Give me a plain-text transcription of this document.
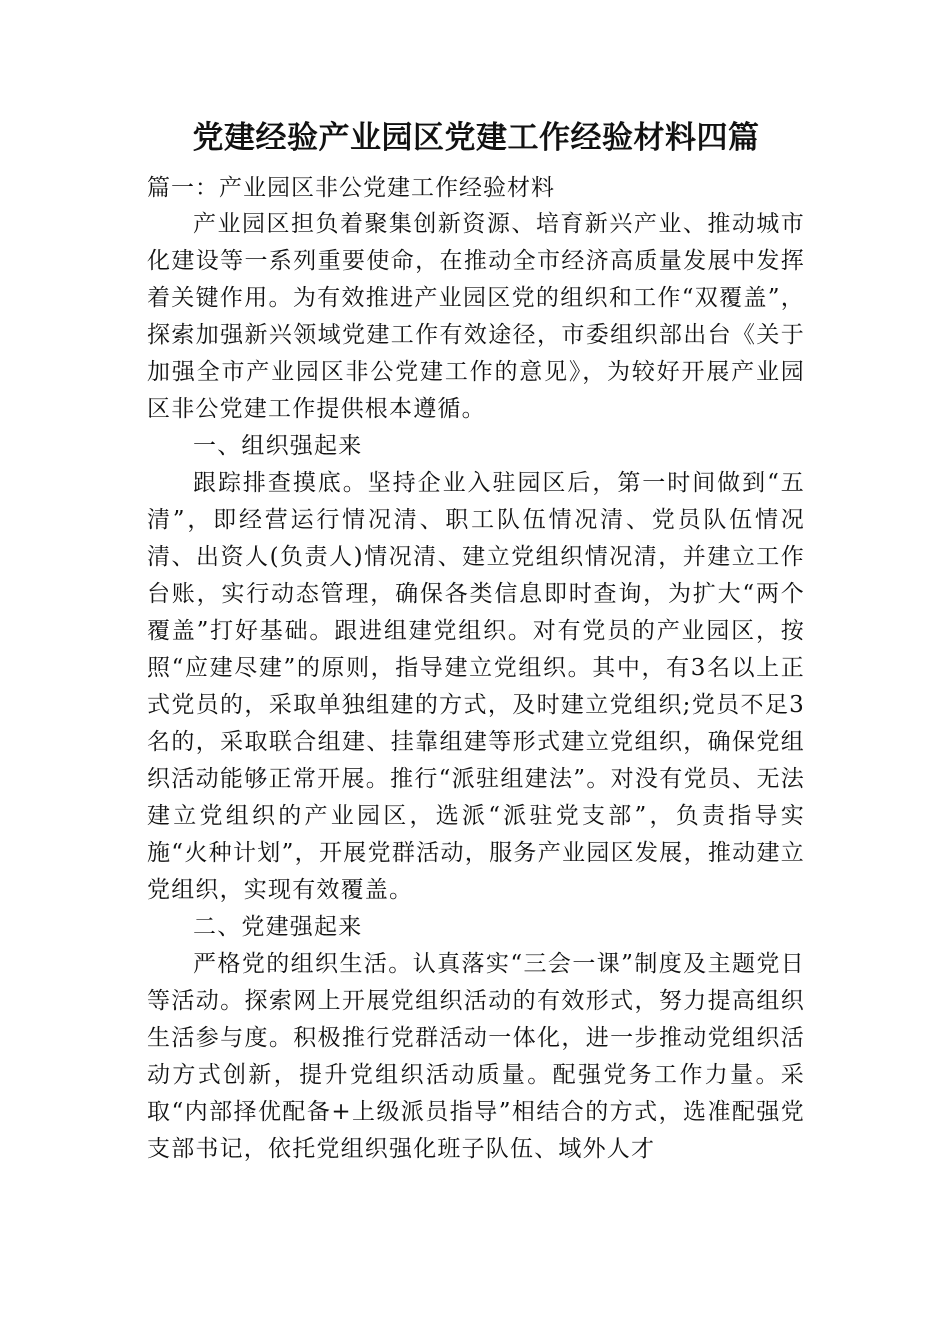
党建经验产业园区党建工作经验材料四篇

篇一：产业园区非公党建工作经验材料

产业园区担负着聚集创新资源、培育新兴产业、推动城市化建设等一系列重要使命，在推动全市经济高质量发展中发挥着关键作用。为有效推进产业园区党的组织和工作“双覆盖”，探索加强新兴领域党建工作有效途径，市委组织部出台《关于加强全市产业园区非公党建工作的意见》，为较好开展产业园区非公党建工作提供根本遵循。

一、组织强起来

跟踪排查摸底。坚持企业入驻园区后，第一时间做到“五清”，即经营运行情况清、职工队伍情况清、党员队伍情况清、出资人(负责人)情况清、建立党组织情况清，并建立工作台账，实行动态管理，确保各类信息即时查询，为扩大“两个覆盖”打好基础。跟进组建党组织。对有党员的产业园区，按照“应建尽建”的原则，指导建立党组织。其中，有3名以上正式党员的，采取单独组建的方式，及时建立党组织;党员不足3名的，采取联合组建、挂靠组建等形式建立党组织，确保党组织活动能够正常开展。推行“派驻组建法”。对没有党员、无法建立党组织的产业园区，选派“派驻党支部”，负责指导实施“火种计划”，开展党群活动，服务产业园区发展，推动建立党组织，实现有效覆盖。

二、党建强起来

严格党的组织生活。认真落实“三会一课”制度及主题党日等活动。探索网上开展党组织活动的有效形式，努力提高组织生活参与度。积极推行党群活动一体化，进一步推动党组织活动方式创新，提升党组织活动质量。配强党务工作力量。采取“内部择优配备+上级派员指导”相结合的方式，选准配强党支部书记，依托党组织强化班子队伍、域外人才
